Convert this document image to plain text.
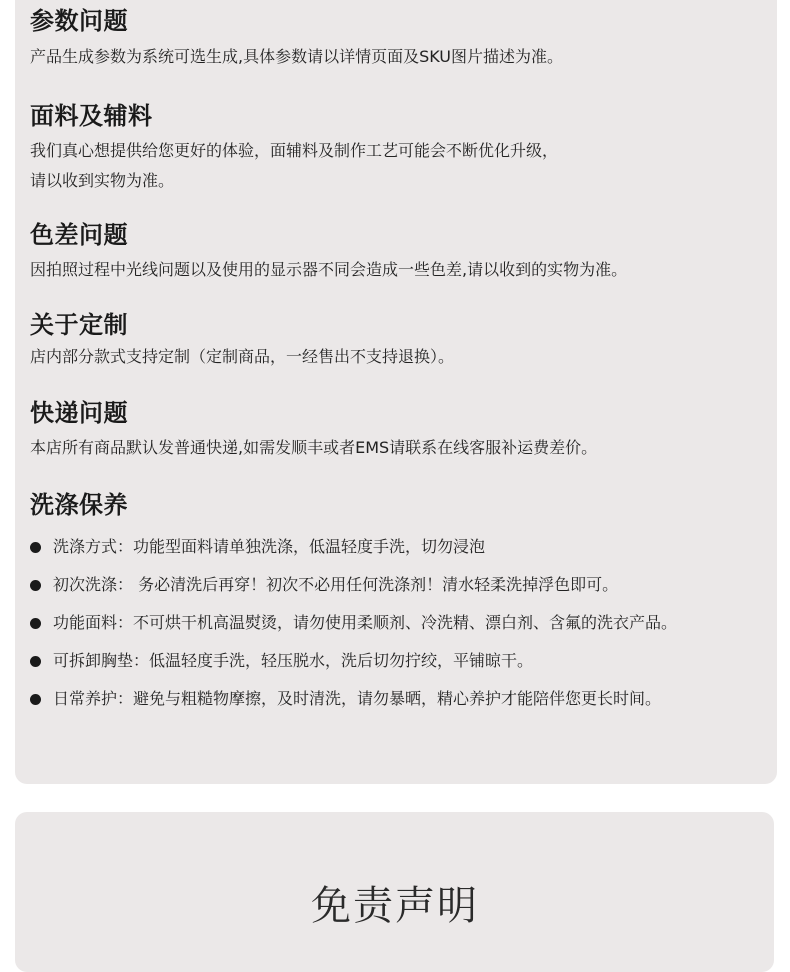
参数问题
产品生成参数为系统可选生成,具体参数请以详情页面及SKU图片描述为准。
面料及辅料
我们真心想提供给您更好的体验，面辅料及制作工艺可能会不断优化升级，
请以收到实物为准。
色差问题
因拍照过程中光线问题以及使用的显示器不同会造成一些色差,请以收到的实物为准。
关于定制
店内部分款式支持定制（定制商品，一经售出不支持退换）。
快递问题
本店所有商品默认发普通快递,如需发顺丰或者EMS请联系在线客服补运费差价。
洗涤保养
洗涤方式：功能型面料请单独洗涤，低温轻度手洗，切勿浸泡
初次洗涤： 务必清洗后再穿！初次不必用任何洗涤剂！清水轻柔洗掉浮色即可。
功能面料：不可烘干机高温熨烫，请勿使用柔顺剂、冷洗精、漂白剂、含氟的洗衣产品。
可拆卸胸垫：低温轻度手洗，轻压脱水，洗后切勿拧绞，平铺晾干。
日常养护：避免与粗糙物摩擦，及时清洗，请勿暴晒，精心养护才能陪伴您更长时间。
免责声明
